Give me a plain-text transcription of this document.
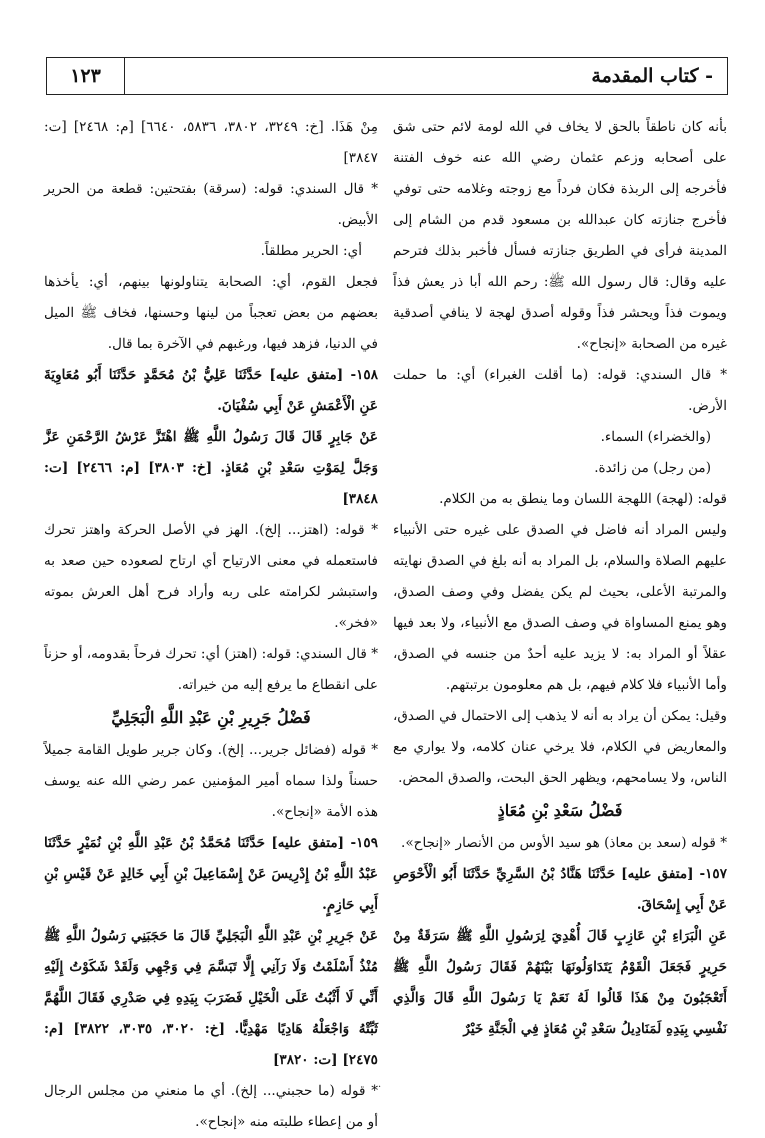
١٢٣	- كتاب المقدمة

بأنه كان ناطقاً بالحق لا يخاف في الله لومة لائم حتى شق على أصحابه وزعم عثمان رضي الله عنه خوف الفتنة فأخرجه إلى الربذة فكان فرداً مع زوجته وغلامه حتى توفي فأخرج جنازته كان عبدالله بن مسعود قدم من الشام إلى المدينة فرأى في الطريق جنازته فسأل فأخبر بذلك فترحم عليه وقال: قال رسول الله ﷺ: رحم الله أبا ذر يعش فذاً ويموت فذاً ويحشر فذاً وقوله أصدق لهجة لا ينافي أصدقية غيره من الصحابة «إنجاح».

* قال السندي: قوله: (ما أقلت الغبراء) أي: ما حملت الأرض.

(والخضراء) السماء.

(من رجل) من زائدة.

قوله: (لهجة) اللهجة اللسان وما ينطق به من الكلام.

وليس المراد أنه فاضل في الصدق على غيره حتى الأنبياء عليهم الصلاة والسلام، بل المراد به أنه بلغ في الصدق نهايته والمرتبة الأعلى، بحيث لم يكن يفضل وفي وصف الصدق، وهو يمنع المساواة في وصف الصدق مع الأنبياء، ولا بعد فيها عقلاً أو المراد به: لا يزيد عليه أحدٌ من جنسه في الصدق، وأما الأنبياء فلا كلام فيهم، بل هم معلومون برتبتهم.

وقيل: يمكن أن يراد به أنه لا يذهب إلى الاحتمال في الصدق، والمعاريض في الكلام، فلا يرخي عنان كلامه، ولا يواري مع الناس، ولا يسامحهم، ويظهر الحق البحت، والصدق المحض.

فَضْلُ سَعْدِ بْنِ مُعَاذٍ

* قوله (سعد بن معاذ) هو سيد الأوس من الأنصار «إنجاح».

١٥٧- [متفق عليه] حَدَّثَنَا هَنَّادُ بْنُ السَّرِيِّ حَدَّثَنَا أَبُو الْأَحْوَصِ عَنْ أَبِي إِسْحَاقَ.

عَنِ الْبَرَاءِ بْنِ عَازِبٍ قَالَ أُهْدِيَ لِرَسُولِ اللَّهِ ﷺ سَرَقَةٌ مِنْ حَرِيرٍ فَجَعَلَ الْقَوْمُ يَتَدَاوَلُونَهَا بَيْنَهُمْ فَقَالَ رَسُولُ اللَّهِ ﷺ أَتَعْجَبُونَ مِنْ هَذَا قَالُوا لَهُ نَعَمْ يَا رَسُولَ اللَّهِ قَالَ وَالَّذِي نَفْسِي بِيَدِهِ لَمَنَادِيلُ سَعْدِ بْنِ مُعَاذٍ فِي الْجَنَّةِ خَيْرٌ

مِنْ هَذَا. [خ: ٣٢٤٩، ٣٨٠٢، ٥٨٣٦، ٦٦٤٠] [م: ٢٤٦٨] [ت: ٣٨٤٧]

* قال السندي: قوله: (سرقة) بفتحتين: قطعة من الحرير الأبيض.

أي: الحرير مطلقاً.

فجعل القوم، أي: الصحابة يتناولونها بينهم، أي: يأخذها بعضهم من بعض تعجباً من لينها وحسنها، فخاف ﷺ الميل في الدنيا، فزهد فيها، ورغبهم في الآخرة بما قال.

١٥٨- [متفق عليه] حَدَّثَنَا عَلِيُّ بْنُ مُحَمَّدٍ حَدَّثَنَا أَبُو مُعَاوِيَةَ عَنِ الْأَعْمَشِ عَنْ أَبِي سُفْيَانَ.

عَنْ جَابِرٍ قَالَ قَالَ رَسُولُ اللَّهِ ﷺ اهْتَزَّ عَرْشُ الرَّحْمَنِ عَزَّ وَجَلَّ لِمَوْتِ سَعْدِ بْنِ مُعَاذٍ. [خ: ٣٨٠٣] [م: ٢٤٦٦] [ت: ٣٨٤٨]

* قوله: (اهتز... إلخ). الهز في الأصل الحركة واهتز تحرك فاستعمله في معنى الارتياح أي ارتاح لصعوده حين صعد به واستبشر لكرامته على ربه وأراد فرح أهل العرش بموته «فخر».

* قال السندي: قوله: (اهتز) أي: تحرك فرحاً بقدومه، أو حزناً على انقطاع ما يرفع إليه من خيراته.

فَضْلُ جَرِيرِ بْنِ عَبْدِ اللَّهِ الْبَجَلِيِّ

* قوله (فضائل جرير... إلخ). وكان جرير طويل القامة جميلاً حسناً ولذا سماه أمير المؤمنين عمر رضي الله عنه يوسف هذه الأمة «إنجاح».

١٥٩- [متفق عليه] حَدَّثَنَا مُحَمَّدُ بْنُ عَبْدِ اللَّهِ بْنِ نُمَيْرٍ حَدَّثَنَا عَبْدُ اللَّهِ بْنُ إِدْرِيسَ عَنْ إِسْمَاعِيلَ بْنِ أَبِي خَالِدٍ عَنْ قَيْسِ بْنِ أَبِي حَازِمٍ.

عَنْ جَرِيرِ بْنِ عَبْدِ اللَّهِ الْبَجَلِيِّ قَالَ مَا حَجَبَنِي رَسُولُ اللَّهِ ﷺ مُنْذُ أَسْلَمْتُ وَلَا رَآنِي إِلَّا تَبَسَّمَ فِي وَجْهِي وَلَقَدْ شَكَوْتُ إِلَيْهِ أَنِّي لَا أَثْبُتُ عَلَى الْخَيْلِ فَضَرَبَ بِيَدِهِ فِي صَدْرِي فَقَالَ اللَّهُمَّ ثَبِّتْهُ وَاجْعَلْهُ هَادِيًا مَهْدِيًّا. [خ: ٣٠٢٠، ٣٠٣٥، ٣٨٢٢] [م: ٢٤٧٥] [ت: ٣٨٢٠]

* قوله (ما حجبني... إلخ). أي ما منعني من مجلس الرجال أو من إعطاء طلبته منه «إنجاح».

·
